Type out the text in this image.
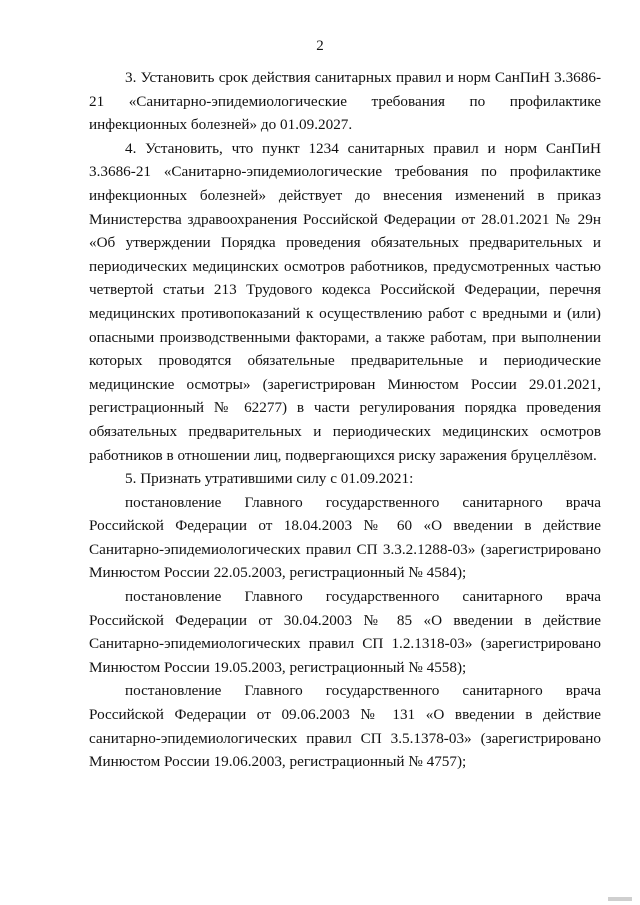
2

3. Установить срок действия санитарных правил и норм СанПиН 3.3686-21 «Санитарно-эпидемиологические требования по профилактике инфекционных болезней» до 01.09.2027.

4. Установить, что пункт 1234 санитарных правил и норм СанПиН 3.3686-21 «Санитарно-эпидемиологические требования по профилактике инфекционных болезней» действует до внесения изменений в приказ Министерства здравоохранения Российской Федерации от 28.01.2021 № 29н «Об утверждении Порядка проведения обязательных предварительных и периодических медицинских осмотров работников, предусмотренных частью четвертой статьи 213 Трудового кодекса Российской Федерации, перечня медицинских противопоказаний к осуществлению работ с вредными и (или) опасными производственными факторами, а также работам, при выполнении которых проводятся обязательные предварительные и периодические медицинские осмотры» (зарегистрирован Минюстом России 29.01.2021, регистрационный № 62277) в части регулирования порядка проведения обязательных предварительных и периодических медицинских осмотров работников в отношении лиц, подвергающихся риску заражения бруцеллёзом.

5. Признать утратившими силу с 01.09.2021:

постановление Главного государственного санитарного врача Российской Федерации от 18.04.2003 № 60 «О введении в действие Санитарно-эпидемиологических правил СП 3.3.2.1288-03» (зарегистрировано Минюстом России 22.05.2003, регистрационный № 4584);

постановление Главного государственного санитарного врача Российской Федерации от 30.04.2003 № 85 «О введении в действие Санитарно-эпидемиологических правил СП 1.2.1318-03» (зарегистрировано Минюстом России 19.05.2003, регистрационный № 4558);

постановление Главного государственного санитарного врача Российской Федерации от 09.06.2003 № 131 «О введении в действие санитарно-эпидемиологических правил СП 3.5.1378-03» (зарегистрировано Минюстом России 19.06.2003, регистрационный № 4757);
